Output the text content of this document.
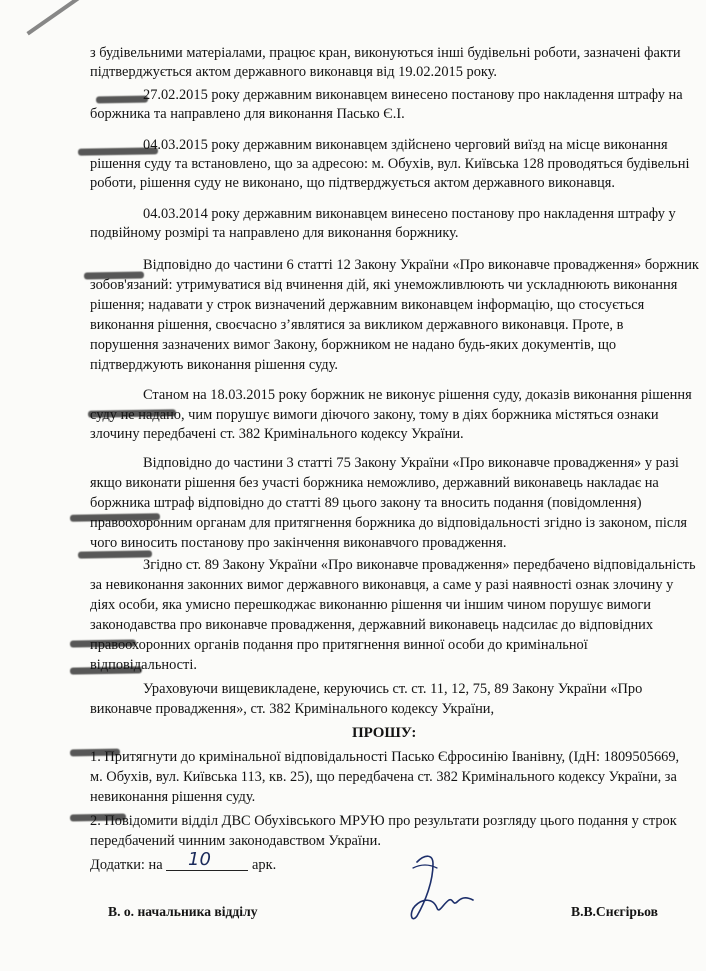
з будівельними матеріалами, працює кран, виконуються інші будівельні роботи, зазначені факти
підтверджується актом державного виконавця від 19.02.2015 року.
27.02.2015 року державним виконавцем винесено постанову про накладення штрафу на
боржника та направлено для виконання Пасько Є.І.
04.03.2015 року державним виконавцем здійснено черговий виїзд на місце виконання
рішення суду та встановлено, що за адресою: м. Обухів, вул. Київська 128 проводяться будівельні
роботи, рішення суду не виконано, що підтверджується актом державного виконавця.
04.03.2014 року державним виконавцем винесено постанову про накладення штрафу у
подвійному розмірі та направлено для виконання боржнику.
Відповідно до частини 6 статті 12 Закону України «Про виконавче провадження» боржник
зобов'язаний: утримуватися від вчинення дій, які унеможливлюють чи ускладнюють виконання
рішення; надавати у строк визначений державним виконавцем інформацію, що стосується
виконання рішення, своєчасно з’являтися за викликом державного виконавця. Проте, в
порушення зазначених вимог Закону, боржником не надано будь-яких документів, що
підтверджують виконання рішення суду.
Станом на 18.03.2015 року боржник не виконує рішення суду, доказів виконання рішення
суду не надано, чим порушує вимоги діючого закону, тому в діях боржника містяться ознаки
злочину передбачені ст. 382 Кримінального кодексу України.
Відповідно до частини 3 статті 75 Закону України «Про виконавче провадження» у разі
якщо виконати рішення без участі боржника неможливо, державний виконавець накладає на
боржника штраф відповідно до статті 89 цього закону та вносить подання (повідомлення)
правоохоронним органам для притягнення боржника до відповідальності згідно із законом, після
чого виносить постанову про закінчення виконавчого провадження.
Згідно ст. 89 Закону України «Про виконавче провадження» передбачено відповідальність
за невиконання законних вимог державного виконавця, а саме у разі наявності ознак злочину у
діях особи, яка умисно перешкоджає виконанню рішення чи іншим чином порушує вимоги
законодавства про виконавче провадження, державний виконавець надсилає до відповідних
правоохоронних органів подання про притягнення винної особи до кримінальної
відповідальності.
Ураховуючи вищевикладене, керуючись ст. ст. 11, 12, 75, 89 Закону України «Про
виконавче провадження», ст. 382 Кримінального кодексу України,
ПРОШУ:
1. Притягнути до кримінальної відповідальності Пасько Єфросинію Іванівну, (ІдН: 1809505669,
м. Обухів, вул. Київська 113, кв. 25), що передбачена ст. 382 Кримінального кодексу України, за
невиконання рішення суду.
2. Повідомити відділ ДВС Обухівського МРУЮ про результати розгляду цього подання у строк
передбачений чинним законодавством України.
Додатки: на 10	арк.
В. о. начальника відділу	В.В.Снєгірьов
